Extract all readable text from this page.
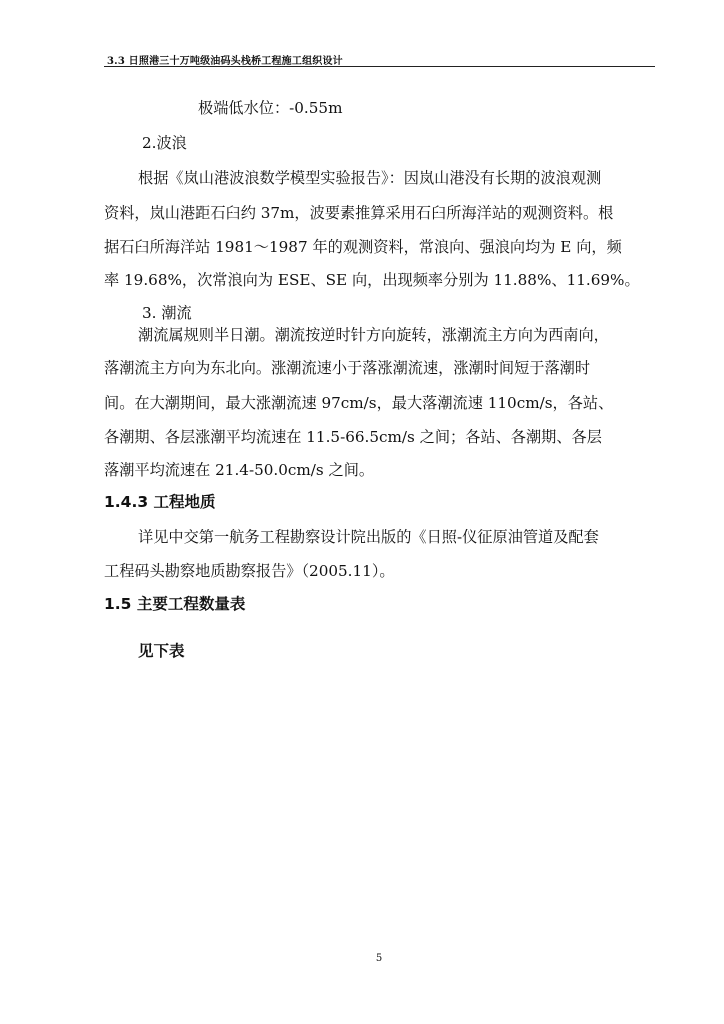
3.3 日照港三十万吨级油码头栈桥工程施工组织设计
极端低水位：-0.55m
2.波浪
根据《岚山港波浪数学模型实验报告》：因岚山港没有长期的波浪观测
资料，岚山港距石臼约 37m，波要素推算采用石臼所海洋站的观测资料。根
据石臼所海洋站 1981～1987 年的观测资料，常浪向、强浪向均为 E 向，频
率 19.68%，次常浪向为 ESE、SE 向，出现频率分别为 11.88%、11.69%。
3. 潮流
潮流属规则半日潮。潮流按逆时针方向旋转，涨潮流主方向为西南向，
落潮流主方向为东北向。涨潮流速小于落涨潮流速，涨潮时间短于落潮时
间。在大潮期间，最大涨潮流速 97cm/s，最大落潮流速 110cm/s，各站、
各潮期、各层涨潮平均流速在 11.5-66.5cm/s 之间；各站、各潮期、各层
落潮平均流速在 21.4-50.0cm/s 之间。
1.4.3 工程地质
详见中交第一航务工程勘察设计院出版的《日照-仪征原油管道及配套
工程码头勘察地质勘察报告》（2005.11）。
1.5 主要工程数量表
见下表
5
